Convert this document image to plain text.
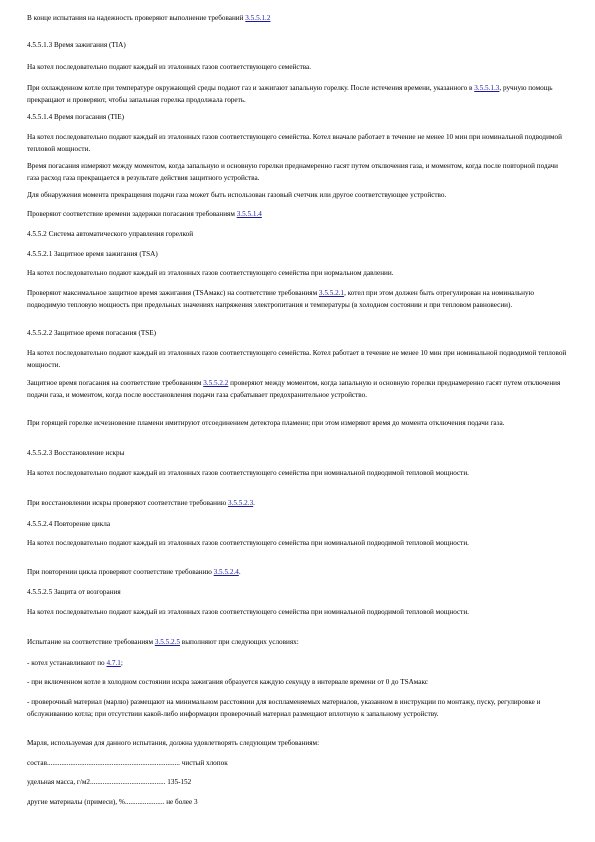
В конце испытания на надежность проверяют выполнение требований 3.5.5.1.2

4.5.5.1.3 Время зажигания (ТIA)

На котел последовательно подают каждый из эталонных газов соответствующего семейства.

При охлажденном котле при температуре окружающей среды подают газ и зажигают запальную горелку. После истечения времени, указанного в 3.5.5.1.3, ручную помощь прекращают и проверяют, чтобы запальная горелка продолжала гореть.

4.5.5.1.4 Время погасания (ТIE)

На котел последовательно подают каждый из эталонных газов соответствующего семейства. Котел вначале работает в течение не менее 10 мин при номинальной подводимой тепловой мощности.

Время погасания измеряют между моментом, когда запальную и основную горелки преднамеренно гасят путем отключения газа, и моментом, когда после повторной подачи газа расход газа прекращается в результате действия защитного устройства.

Для обнаружения момента прекращения подачи газа может быть использован газовый счетчик или другое соответствующее устройство.

Проверяют соответствие времени задержки погасания требованиям 3.5.5.1.4

4.5.5.2 Система автоматического управления горелкой

4.5.5.2.1 Защитное время зажигания (TSA)

На котел последовательно подают каждый из эталонных газов соответствующего семейства при нормальном давлении.

Проверяют максимальное защитное время зажигания (TSAмакс) на соответствие требованиям 3.5.5.2.1, котел при этом должен быть отрегулирован на номинальную подводимую тепловую мощность при предельных значениях напряжения электропитания и температуры (в холодном состоянии и при тепловом равновесии).

4.5.5.2.2 Защитное время погасания (TSE)

На котел последовательно подают каждый из эталонных газов соответствующего семейства. Котел работает в течение не менее 10 мин при номинальной подводимой тепловой мощности.

Защитное время погасания на соответствие требованиям 3.5.5.2.2 проверяют между моментом, когда запальную и основную горелки преднамеренно гасят путем отключения подачи газа, и моментом, когда после восстановления подачи газа срабатывает предохранительное устройство.

При горящей горелке исчезновение пламени имитируют отсоединением детектора пламени; при этом измеряют время до момента отключения подачи газа.

4.5.5.2.3 Восстановление искры

На котел последовательно подают каждый из эталонных газов соответствующего семейства при номинальной подводимой тепловой мощности.

При восстановлении искры проверяют соответствие требованию 3.5.5.2.3.

4.5.5.2.4 Повторение цикла

На котел последовательно подают каждый из эталонных газов соответствующего семейства при номинальной подводимой тепловой мощности.

При повторении цикла проверяют соответствие требованию 3.5.5.2.4.

4.5.5.2.5 Защита от возгорания

На котел последовательно подают каждый из эталонных газов соответствующего семейства при номинальной подводимой тепловой мощности.

Испытание на соответствие требованиям 3.5.5.2.5 выполняют при следующих условиях:

- котел устанавливают по 4.7.1;

- при включенном котле в холодном состоянии искра зажигания образуется каждую секунду в интервале времени от 0 до TSAмакс

- проверочный материал (марлю) размещают на минимальном расстоянии для воспламеняемых материалов, указанном в инструкции по монтажу, пуску, регулировке и обслуживанию котла; при отсутствии какой-либо информации проверочный материал размещают вплотную к запальному устройству.

Марля, используемая для данного испытания, должна удовлетворять следующим требованиям:

состав.......................................................................... чистый хлопок

удельная масса, г/м2.......................................... 135-152

другие материалы (примеси), %...................... не более 3
